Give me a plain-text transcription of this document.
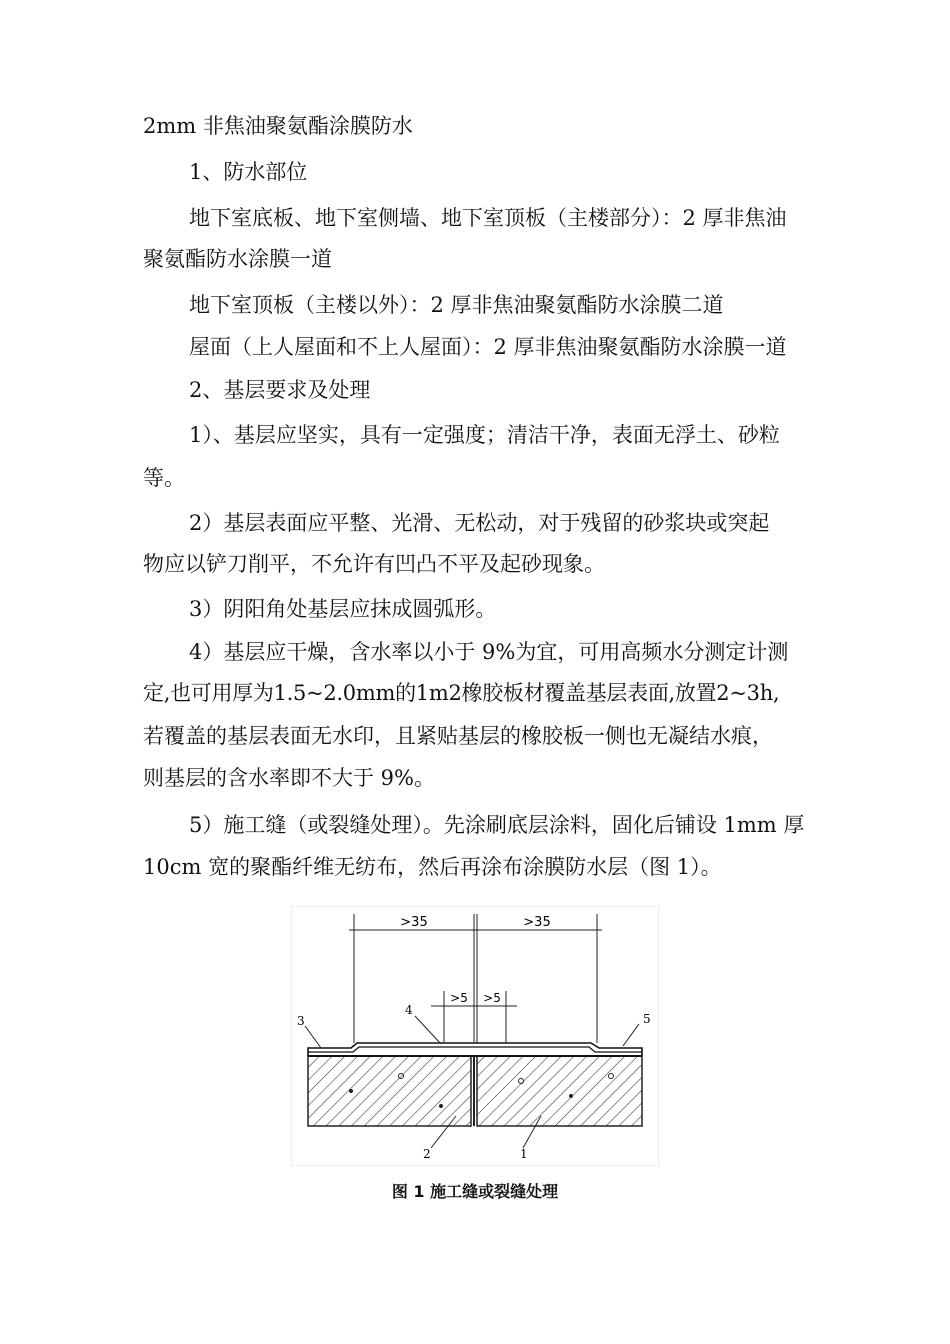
2mm 非焦油聚氨酯涂膜防水
1、防水部位
地下室底板、地下室侧墙、地下室顶板（主楼部分）：2 厚非焦油
聚氨酯防水涂膜一道
地下室顶板（主楼以外）：2 厚非焦油聚氨酯防水涂膜二道
屋面（上人屋面和不上人屋面）：2 厚非焦油聚氨酯防水涂膜一道
2、基层要求及处理
1）、基层应坚实，具有一定强度；清洁干净，表面无浮土、砂粒
等。
2）基层表面应平整、光滑、无松动，对于残留的砂浆块或突起
物应以铲刀削平，不允许有凹凸不平及起砂现象。
3）阴阳角处基层应抹成圆弧形。
4）基层应干燥，含水率以小于 9%为宜，可用高频水分测定计测
定,也可用厚为1.5~2.0mm的1m2橡胶板材覆盖基层表面,放置2~3h,
若覆盖的基层表面无水印，且紧贴基层的橡胶板一侧也无凝结水痕，
则基层的含水率即不大于 9%。
5）施工缝（或裂缝处理）。先涂刷底层涂料，固化后铺设 1mm 厚
10cm 宽的聚酯纤维无纺布，然后再涂布涂膜防水层（图 1）。
>35	>35
>5 >5
3
4
5
2	1
图 1 施工缝或裂缝处理
